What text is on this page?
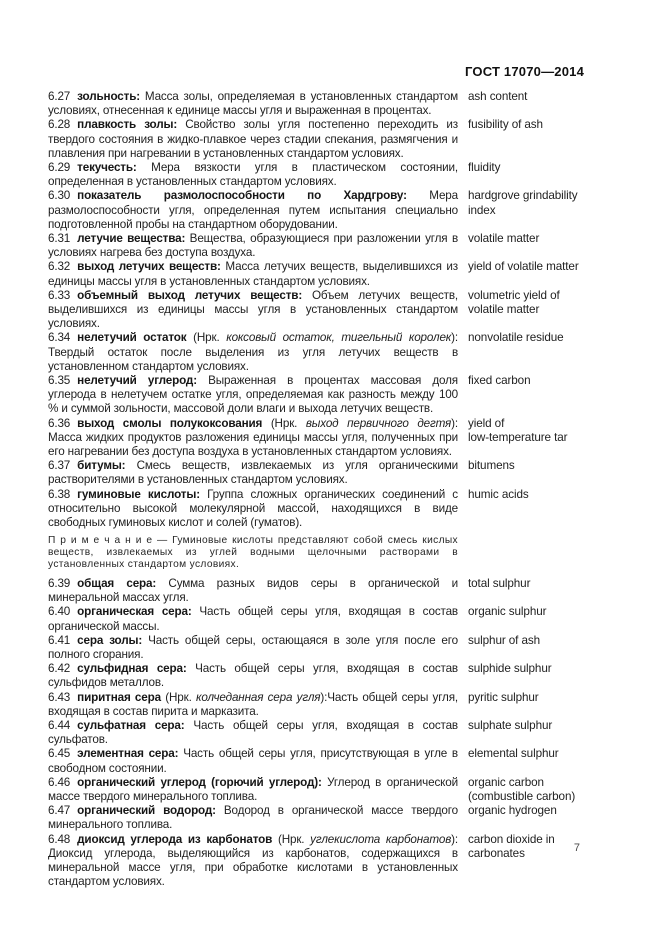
ГОСТ 17070—2014
6.27 зольность: Масса золы, определяемая в установленных стандартом условиях, отнесенная к единице массы угля и выраженная в процентах.
ash content
6.28 плавкость золы: Свойство золы угля постепенно переходить из твердого состояния в жидко-плавкое через стадии спекания, размягчения и плавления при нагревании в установленных стандартом условиях.
fusibility of ash
6.29 текучесть: Мера вязкости угля в пластическом состоянии, определенная в установленных стандартом условиях.
fluidity
6.30 показатель размолоспособности по Хардгрову: Мера размолоспособности угля, определенная путем испытания специально подготовленной пробы на стандартном оборудовании.
hardgrove grindability
index
6.31 летучие вещества: Вещества, образующиеся при разложении угля в условиях нагрева без доступа воздуха.
volatile matter
6.32 выход летучих веществ: Масса летучих веществ, выделившихся из единицы массы угля в установленных стандартом условиях.
yield of volatile matter
6.33 объемный выход летучих веществ: Объем летучих веществ, выделившихся из единицы массы угля в установленных стандартом условиях.
volumetric yield of
volatile matter
6.34 нелетучий остаток (Нрк. коксовый остаток, тигельный королек): Твердый остаток после выделения из угля летучих веществ в установленном стандартом условиях.
nonvolatile residue
6.35 нелетучий углерод: Выраженная в процентах массовая доля углерода в нелетучем остатке угля, определяемая как разность между 100 % и суммой зольности, массовой доли влаги и выхода летучих веществ.
fixed carbon
6.36 выход смолы полукоксования (Нрк. выход первичного дегтя): Масса жидких продуктов разложения единицы массы угля, полученных при его нагревании без доступа воздуха в установленных стандартом условиях.
yield of
low-temperature tar
6.37 битумы: Смесь веществ, извлекаемых из угля органическими растворителями в установленных стандартом условиях.
bitumens
6.38 гуминовые кислоты: Группа сложных органических соединений с относительно высокой молекулярной массой, находящихся в виде свободных гуминовых кислот и солей (гуматов).
humic acids
П р и м е ч а н и е — Гуминовые кислоты представляют собой смесь кислых веществ, извлекаемых из углей водными щелочными растворами в установленных стандартом условиях.
6.39 общая сера: Сумма разных видов серы в органической и минеральной массах угля.
total sulphur
6.40 органическая сера: Часть общей серы угля, входящая в состав органической массы.
organic sulphur
6.41 сера золы: Часть общей серы, остающаяся в золе угля после его полного сгорания.
sulphur of ash
6.42 сульфидная сера: Часть общей серы угля, входящая в состав сульфидов металлов.
sulphide sulphur
6.43 пиритная сера (Нрк. колчеданная сера угля):Часть общей серы угля, входящая в состав пирита и марказита.
pyritic sulphur
6.44 сульфатная сера: Часть общей серы угля, входящая в состав сульфатов.
sulphate sulphur
6.45 элементная сера: Часть общей серы угля, присутствующая в угле в свободном состоянии.
elemental sulphur
6.46 органический углерод (горючий углерод): Углерод в органической массе твердого минерального топлива.
organic carbon
(combustible carbon)
6.47 органический водород: Водород в органической массе твердого минерального топлива.
organic hydrogen
6.48 диоксид углерода из карбонатов (Нрк. углекислота карбонатов): Диоксид углерода, выделяющийся из карбонатов, содержащихся в минеральной массе угля, при обработке кислотами в установленных стандартом условиях.
carbon dioxide in
carbonates	7
